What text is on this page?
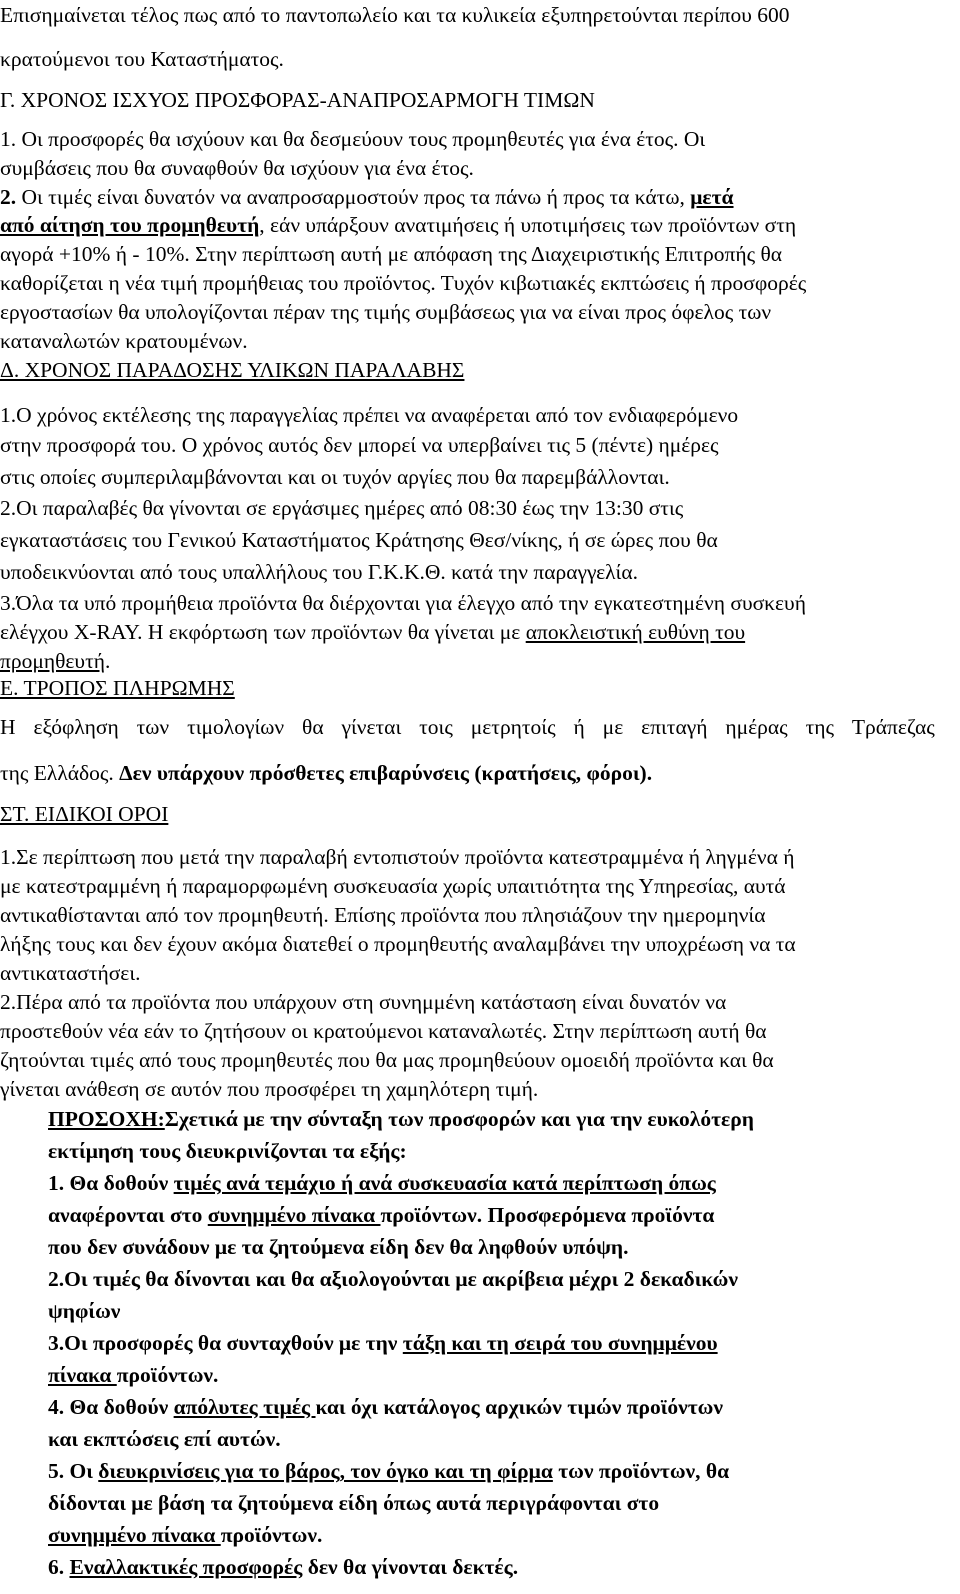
Επισημαίνεται τέλος πως από το παντοπωλείο και τα κυλικεία εξυπηρετούνται περίπου 600

κρατούμενοι του Καταστήματος.

Γ. ΧΡΟΝΟΣ ΙΣΧΥΟΣ ΠΡΟΣΦΟΡΑΣ-ΑΝΑΠΡΟΣΑΡΜΟΓΗ ΤΙΜΩΝ

1. Οι προσφορές θα ισχύουν και θα δεσμεύουν τους προμηθευτές για ένα έτος. Οι

συμβάσεις που θα συναφθούν θα ισχύουν για ένα έτος.

2. Οι τιμές είναι δυνατόν να αναπροσαρμοστούν προς τα πάνω ή προς τα κάτω, μετά

από αίτηση του προμηθευτή, εάν υπάρξουν ανατιμήσεις ή υποτιμήσεις των προϊόντων στη

αγορά +10% ή - 10%. Στην περίπτωση αυτή με απόφαση της Διαχειριστικής Επιτροπής θα

καθορίζεται η νέα τιμή προμήθειας του προϊόντος. Τυχόν κιβωτιακές εκπτώσεις ή προσφορές

εργοστασίων θα υπολογίζονται πέραν της τιμής συμβάσεως για να είναι προς όφελος των

καταναλωτών κρατουμένων.

Δ. ΧΡΟΝΟΣ ΠΑΡΑΔΟΣΗΣ ΥΛΙΚΩΝ ΠΑΡΑΛΑΒΗΣ

1.Ο χρόνος εκτέλεσης της παραγγελίας πρέπει να αναφέρεται από τον ενδιαφερόμενο

στην προσφορά του. Ο χρόνος αυτός δεν μπορεί να υπερβαίνει τις 5 (πέντε) ημέρες

στις οποίες συμπεριλαμβάνονται και οι τυχόν αργίες που θα παρεμβάλλονται.

2.Οι παραλαβές θα γίνονται σε εργάσιμες ημέρες από 08:30 έως την 13:30 στις

εγκαταστάσεις του Γενικού Καταστήματος Κράτησης Θεσ/νίκης, ή σε ώρες που θα

υποδεικνύονται από τους υπαλλήλους του Γ.Κ.Κ.Θ. κατά την παραγγελία.

3.Όλα τα υπό προμήθεια προϊόντα θα διέρχονται για έλεγχο από την εγκατεστημένη συσκευή

ελέγχου X-RAY. Η εκφόρτωση των προϊόντων θα γίνεται με αποκλειστική ευθύνη του

προμηθευτή.

Ε. ΤΡΟΠΟΣ ΠΛΗΡΩΜΗΣ

Η εξόφληση των τιμολογίων θα γίνεται τοις μετρητοίς ή με επιταγή ημέρας της Τράπεζας

της Ελλάδος. Δεν υπάρχουν πρόσθετες επιβαρύνσεις (κρατήσεις, φόροι).

ΣΤ. ΕΙΔΙΚΟΙ ΟΡΟΙ

1.Σε περίπτωση που μετά την παραλαβή εντοπιστούν προϊόντα κατεστραμμένα ή ληγμένα ή

με κατεστραμμένη ή παραμορφωμένη συσκευασία χωρίς υπαιτιότητα της Υπηρεσίας, αυτά

αντικαθίστανται από τον προμηθευτή. Επίσης προϊόντα που πλησιάζουν την ημερομηνία

λήξης τους και δεν έχουν ακόμα διατεθεί ο προμηθευτής αναλαμβάνει την υποχρέωση να τα

αντικαταστήσει.

2.Πέρα από τα προϊόντα που υπάρχουν στη συνημμένη κατάσταση είναι δυνατόν να

προστεθούν νέα εάν το ζητήσουν οι κρατούμενοι καταναλωτές. Στην περίπτωση αυτή θα

ζητούνται τιμές από τους προμηθευτές που θα μας προμηθεύουν ομοειδή προϊόντα και θα

γίνεται ανάθεση σε αυτόν που προσφέρει τη χαμηλότερη τιμή.

ΠΡΟΣΟΧΗ:Σχετικά με την σύνταξη των προσφορών και για την ευκολότερη

εκτίμηση τους διευκρινίζονται τα εξής:

1. Θα δοθούν τιμές ανά τεμάχιο ή ανά συσκευασία κατά περίπτωση όπως

αναφέρονται στο συνημμένο πίνακα προϊόντων. Προσφερόμενα προϊόντα

που δεν συνάδουν με τα ζητούμενα είδη δεν θα ληφθούν υπόψη.

2.Οι τιμές θα δίνονται και θα αξιολογούνται με ακρίβεια μέχρι 2 δεκαδικών

ψηφίων

3.Οι προσφορές θα συνταχθούν με την τάξη και τη σειρά του συνημμένου

πίνακα προϊόντων.

4. Θα δοθούν απόλυτες τιμές και όχι κατάλογος αρχικών τιμών προϊόντων

και εκπτώσεις επί αυτών.

5. Οι διευκρινίσεις για το βάρος, τον όγκο και τη φίρμα των προϊόντων, θα

δίδονται με βάση τα ζητούμενα είδη όπως αυτά περιγράφονται στο

συνημμένο πίνακα προϊόντων.

6. Εναλλακτικές προσφορές δεν θα γίνονται δεκτές.
